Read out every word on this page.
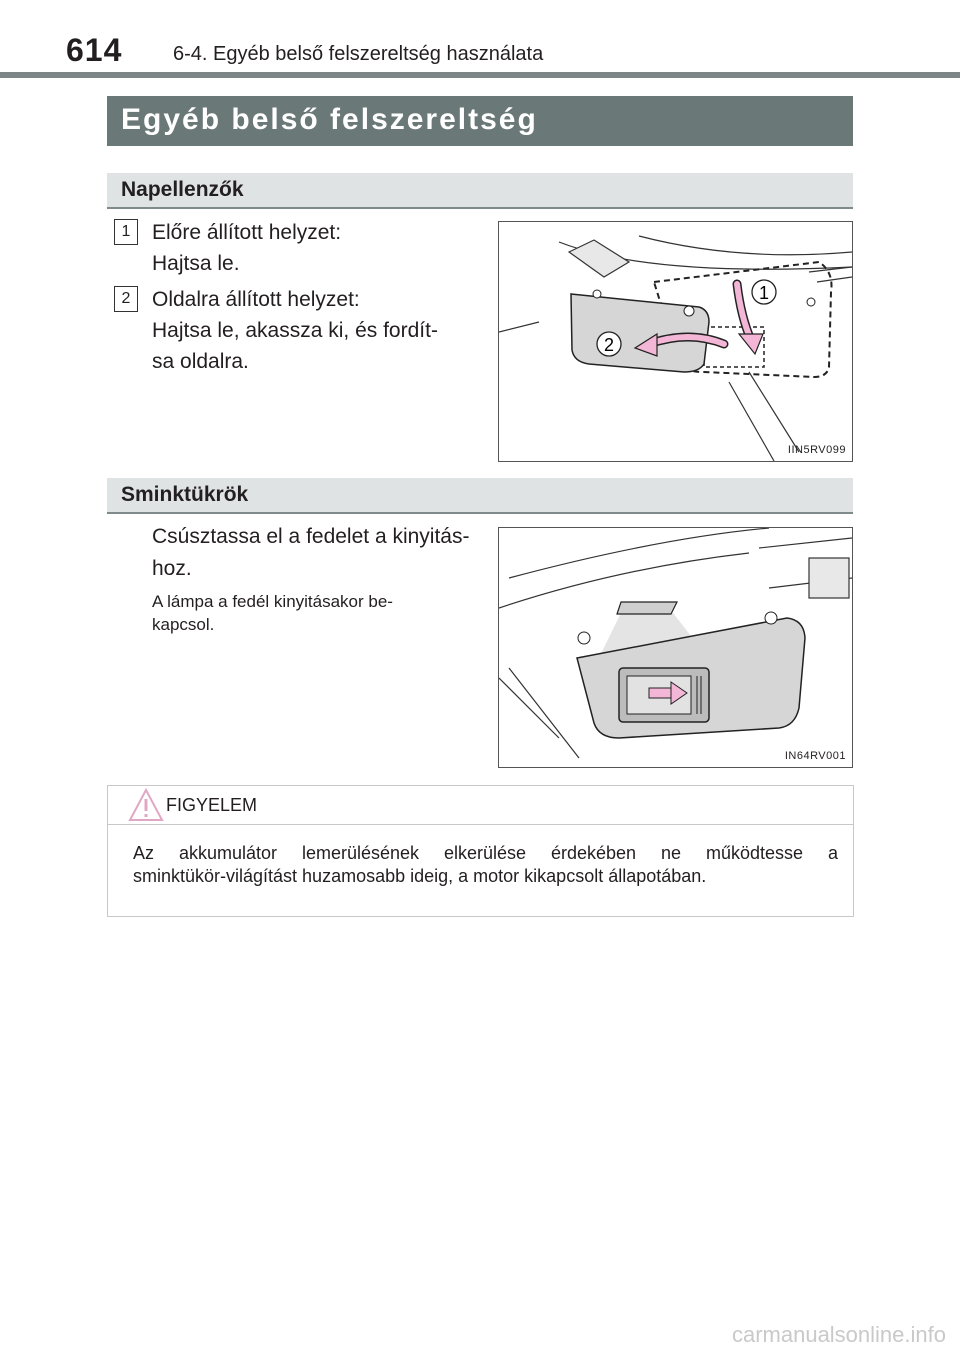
614	6-4. Egyéb belső felszereltség használata
Egyéb belső felszereltség
Napellenzők
1	Előre állított helyzet:
Hajtsa le.
2	Oldalra állított helyzet:
Hajtsa le, akassza ki, és fordít-
sa oldalra.
1
2
IIN5RV099
Sminktükrök
Csúsztassa el a fedelet a kinyitás-
hoz.
A lámpa a fedél kinyitásakor be-
kapcsol.
IN64RV001
FIGYELEM
Az akkumulátor lemerülésének elkerülése érdekében ne működtesse a
sminktükör-világítást huzamosabb ideig, a motor kikapcsolt állapotában.
carmanualsonline.info
